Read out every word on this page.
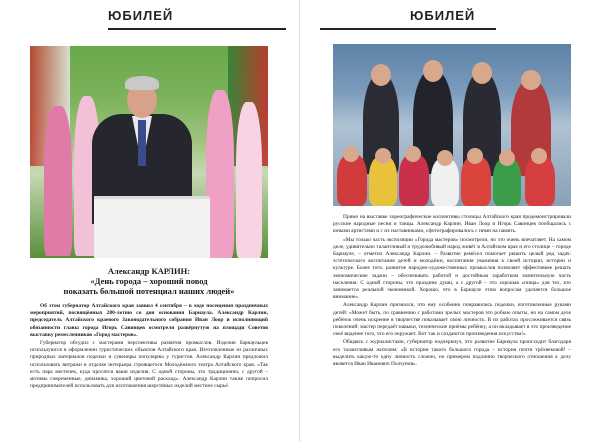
ЮБИЛЕЙ
Александр КАРЛИН:
«День города – хороший повод
показать большой потенциал наших людей»

Об этом губернатор Алтайского края заявил 4 сентября – в ходе посещения праздничных мероприятий, посвящённых 280-летию со дня основания Барнаула. Александр Карлин, председатель Алтайского краевого Законодательного собрания Иван Лоор и исполняющий обязанности главы города Игорь Савинцев осмотрели развёрнутую на площади Советов выставку ремесленников «Город мастеров».

Губернатор обсудил с мастерами перспективы развития промыслов. Изделия барнаульцев используются в оформлении туристических объектов Алтайского края. Изготовленные из различных природных материалов поделки и сувениры популярны у туристов. Александр Карлин предложил использовать витражи в отделке интерьера строящегося Молодёжного театра Алтайского края. «Так есть пара местечек, куда просятся ваши изделия. С одной стороны, это традиционно, с другой – мотивы современные, динамика, хороший цветовой расклад». Александр Карлин также попросил предпринимателей использовать для изготовления шерстяных изделий местное сырьё.

ЮБИЛЕЙ

Прямо на выставке хореографические коллективы столицы Алтайского края продемонстрировали русские народные песни и танцы. Александр Карлин, Иван Лоор и Игорь Савинцев пообщались с юными артистами и с их наставниками, сфотографировались с ними на память.

«Мы только часть экспозиции «Города мастеров» посмотрели, но это очень впечатляет. На самом деле, удивительно талантливый и трудолюбивый народ живёт в Алтайском крае и его столице – городе Барнауле, – отметил Александр Карлин. – Развитие ремёсел помогает решить целый ряд задач: эстетического воспитания детей и молодёжи, воспитания уважения к своей истории, истории и культуре. Более того, развитие народно-художественных промыслов позволяет эффективнее решать экономические задачи – обеспечивать работой и достойным заработком значительную часть населения. С одной стороны, это праздник души, а с другой – это хорошая «пища» для тех, кто занимается реальной экономикой. Хорошо, что в Барнауле этим вопросам уделяется большое внимание».

Александр Карлин признался, что ему особенно понравились поделки, изготовленные руками детей: «Может быть, по сравнению с работами зрелых мастеров это робкие опыты, но на самом деле ребёнок очень искренне в творчестве показывает свою личность. В их работах прослеживается связь поколений: мастер передаёт навыки, технические приёмы ребёнку, а он вкладывает в это произведение своё видение того, что его окружает. Вот так и создаются произведения искусства!»

Общаясь с журналистами, губернатор подчеркнул, что развитие Барнаула происходит благодаря его талантливым жителям: «В истории такого большого города – история почти трёхвековой! – выделить какую-то одну личность сложно, но примером подлинно творческого отношения к делу является Иван Иванович Ползунов».
